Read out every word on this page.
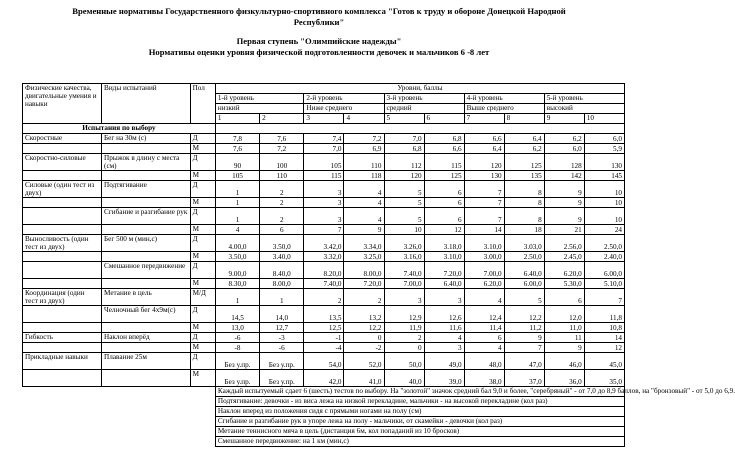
Временные нормативы Государственного физкультурно-спортивного комплекса "Готов к труду и обороне Донецкой Народной
Республики"
Первая ступень "Олимпийские надежды"
Нормативы оценки уровня физической подготовленности девочек и мальчиков 6 -8 лет
Физические качества, двигательные умения и навыки	Виды испытаний	Пол	Уровни, баллы									
			1-й уровень		2-й уровень		3-й уровень		4-й уровень		5-й уровень	
			низкий		Ниже среднего		средний		Выше среднего		высокий	
			1	2	3	4	5	6	7	8	9	10
Испытания по выбору												
Скоростные	Бег на 30м (с)	Д	7,8	7,6	7,4	7,2	7,0	6,8	6,6	6,4	6,2	6,0
		М	7,6	7,2	7,0	6,9	6,8	6,6	6,4	6,2	6,0	5,9
Скоростно-силовые	Прыжок в длину с места (см)	Д	90	100	105	110	112	115	120	125	128	130
		М	105	110	115	118	120	125	130	135	142	145
Силовые (один тест из двух)	Подтягивание	Д	1	2	3	4	5	6	7	8	9	10
		М	1	2	3	4	5	6	7	8	9	10
	Сгибание и разгибание рук	Д	1	2	3	4	5	6	7	8	9	10
		М	4	6	7	9	10	12	14	18	21	24
Выносливость (один тест из двух)	Бег 500 м (мин,с)	Д	4.00,0	3.50,0	3.42,0	3.34,0	3.26,0	3.18,0	3.10,0	3.03,0	2.56,0	2.50,0
		М	3.50,0	3.40,0	3.32,0	3.25,0	3.16,0	3.10,0	3.00,0	2.50,0	2.45,0	2.40,0
	Смешанное передвижение	Д	9.00,0	8.40,0	8.20,0	8.00,0	7.40,0	7.20,0	7.00,0	6.40,0	6.20,0	6.00,0
		М	8.30,0	8.00,0	7.40,0	7.20,0	7.00,0	6.40,0	6.20,0	6.00,0	5.30,0	5.10,0
Координация (один тест из двух)	Метание в цель	М/Д	1	1	2	2	3	3	4	5	6	7
	Челночный бег 4х9м(с)	Д	14,5	14,0	13,5	13,2	12,9	12,6	12,4	12,2	12,0	11,8
		М	13,0	12,7	12,5	12,2	11,9	11,6	11,4	11,2	11,0	10,8
Гибкость	Наклон вперёд	Д	-6	-3	-1	0	2	4	6	9	11	14
		М	-8	-6	-4	-2	0	3	4	7	9	12
Прикладные навыки	Плавание 25м	Д	Без у.пр.	Без у.пр.	54,0	52,0	50,0	49,0	48,0	47,0	46,0	45,0
		М	Без у.пр.	Без у.пр.	42,0	41,0	40,0	39,0	38,0	37,0	36,0	35,0
			Каждый испытуемый сдает 6 (шесть) тестов по выбору. На "золотой" значок средний бал 9,0 и более, "серебряный" - от 7,0 до 8,9 баллов, на "бронзовый" - от 5,0 до 6,9.									
			Подтягивание: девочки - из виса лежа на низкой перекладине, мальчики - на высокой перекладине (кол раз)									
			Наклон вперед из положения сидя с прямыми ногами на полу (см)									
			Сгибание и разгибание рук в упоре лежа на полу - мальчики, от скамейки - девочки (кол раз)									
			Метание теннисного мяча в цель (дистанция 6м, кол попаданий из 10 бросков)									
			Смешанное передвижение: на 1 км (мин,с)									
